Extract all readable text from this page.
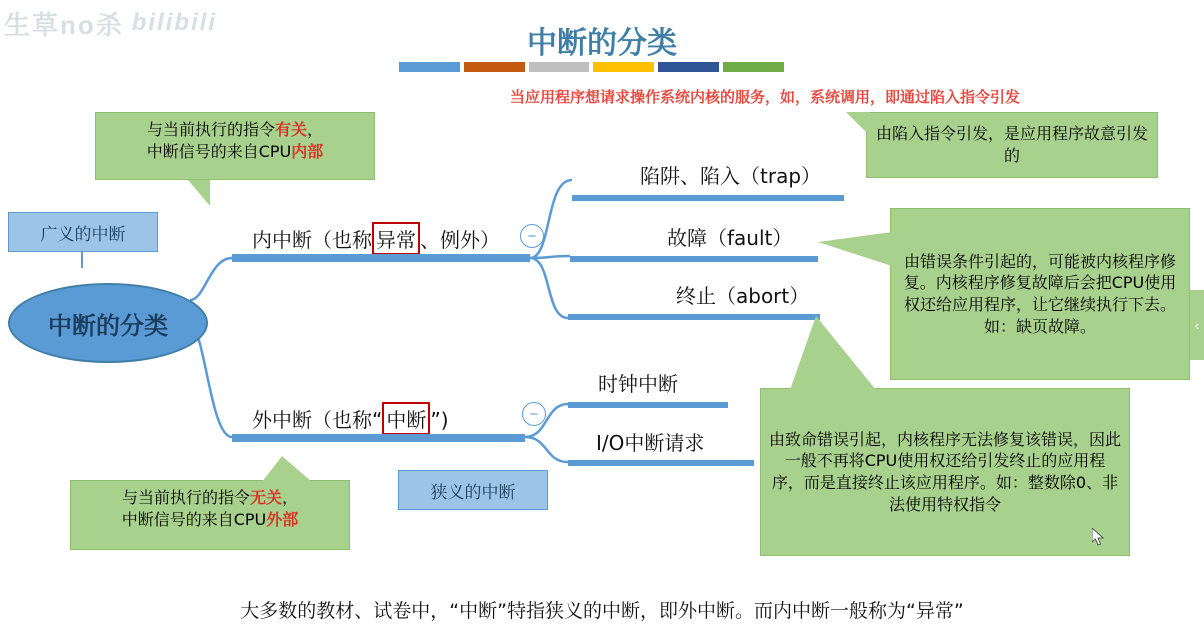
生草no杀 bilibili
中断的分类
当应用程序想请求操作系统内核的服务，如，系统调用，即通过陷入指令引发
中断的分类
广义的中断
狭义的中断
内中断（也称 异常 、例外） −
陷阱、陷入（trap）
故障（fault）
终止（abort）
外中断（也称“ 中断 ”)	−
时钟中断
I/O中断请求
与当前执行的指令有关，
中断信号的来自CPU内部
由陷入指令引发，是应用程序故意引发的
由错误条件引起的，可能被内核程序修复。内核程序修复故障后会把CPU使用权还给应用程序，让它继续执行下去。如：缺页故障。
由致命错误引起，内核程序无法修复该错误，因此一般不再将CPU使用权还给引发终止的应用程序，而是直接终止该应用程序。如：整数除0、非法使用特权指令
与当前执行的指令无关，
中断信号的来自CPU外部
‹
大多数的教材、试卷中，“中断”特指狭义的中断，即外中断。而内中断一般称为“异常”
